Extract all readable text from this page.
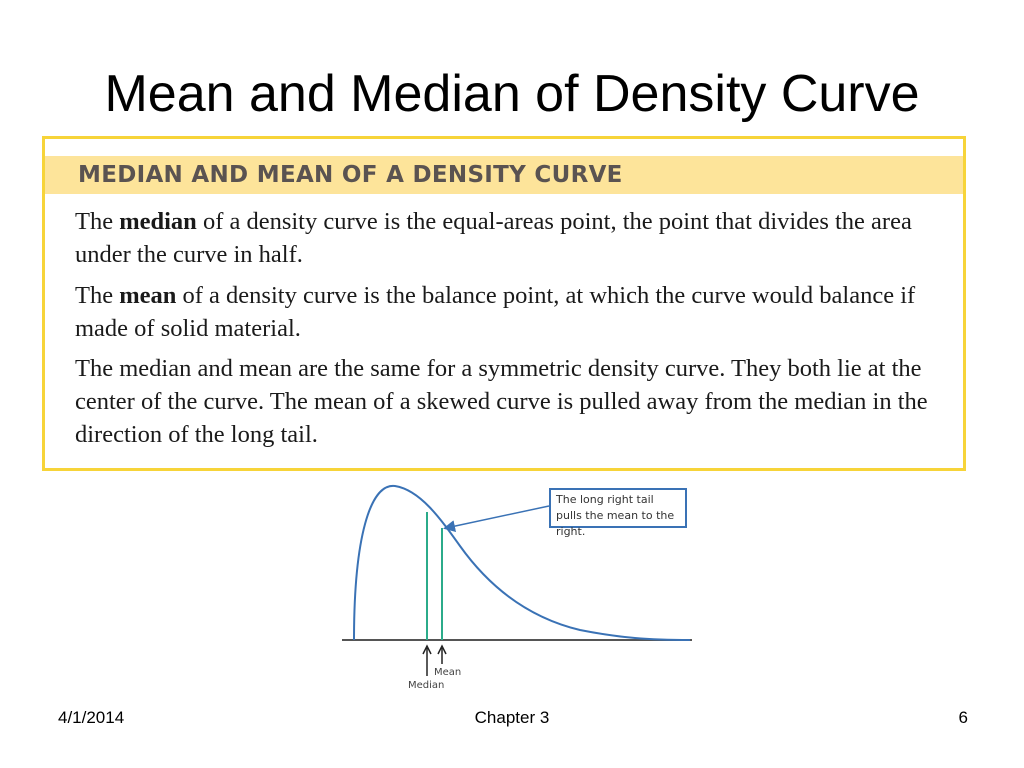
Mean and Median of Density Curve
MEDIAN AND MEAN OF A DENSITY CURVE
The median of a density curve is the equal-areas point, the point that divides the area under the curve in half.
The mean of a density curve is the balance point, at which the curve would balance if made of solid material.
The median and mean are the same for a symmetric density curve. They both lie at the center of the curve. The mean of a skewed curve is pulled away from the median in the direction of the long tail.
The long right tail pulls the mean to the right.
Mean
Median
4/1/2014	Chapter 3	6
